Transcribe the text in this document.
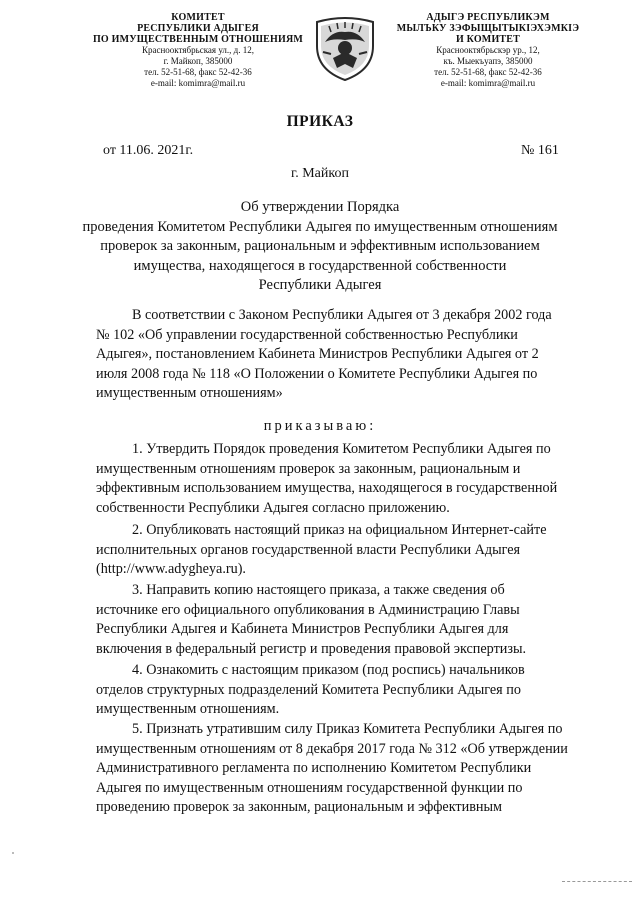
КОМИТЕТ
РЕСПУБЛИКИ АДЫГЕЯ
ПО ИМУЩЕСТВЕННЫМ ОТНОШЕНИЯМ
Краснооктябрьская ул., д. 12,
г. Майкоп, 385000
тел. 52-51-68, факс 52-42-36
e-mail: komimra@mail.ru
АДЫГЭ РЕСПУБЛИКЭМ
МЫЛЪКУ ЗЭФЫЩЫТЫКІЭХЭМКІЭ
И КОМИТЕТ
Краснооктябрьскэр ур., 12,
къ. Мыекъуапэ, 385000
тел. 52-51-68, факс 52-42-36
e-mail: komimra@mail.ru
ПРИКАЗ
от 11.06. 2021г.	№ 161
г. Майкоп
Об утверждении Порядка
проведения Комитетом Республики Адыгея по имущественным отношениям
проверок за законным, рациональным и эффективным использованием
имущества, находящегося в государственной собственности
Республики Адыгея
В соответствии с Законом Республики Адыгея от 3 декабря 2002 года
№ 102 «Об управлении государственной собственностью Республики
Адыгея», постановлением Кабинета Министров Республики Адыгея от 2
июля 2008 года № 118 «О Положении о Комитете Республики Адыгея по
имущественным отношениям»
приказываю:
1. Утвердить Порядок проведения Комитетом Республики Адыгея по
имущественным отношениям проверок за законным, рациональным и
эффективным использованием имущества, находящегося в государственной
собственности Республики Адыгея согласно приложению.
2. Опубликовать настоящий приказ на официальном Интернет-сайте
исполнительных органов государственной власти Республики Адыгея
(http://www.adygheya.ru).
3. Направить копию настоящего приказа, а также сведения об
источнике его официального опубликования в Администрацию Главы
Республики Адыгея и Кабинета Министров Республики Адыгея для
включения в федеральный регистр и проведения правовой экспертизы.
4. Ознакомить с настоящим приказом (под роспись) начальников
отделов структурных подразделений Комитета Республики Адыгея по
имущественным отношениям.
5. Признать утратившим силу Приказ Комитета Республики Адыгея по
имущественным отношениям от 8 декабря 2017 года № 312 «Об утверждении
Административного регламента по исполнению Комитетом Республики
Адыгея по имущественным отношениям государственной функции по
проведению проверок за законным, рациональным и эффективным
